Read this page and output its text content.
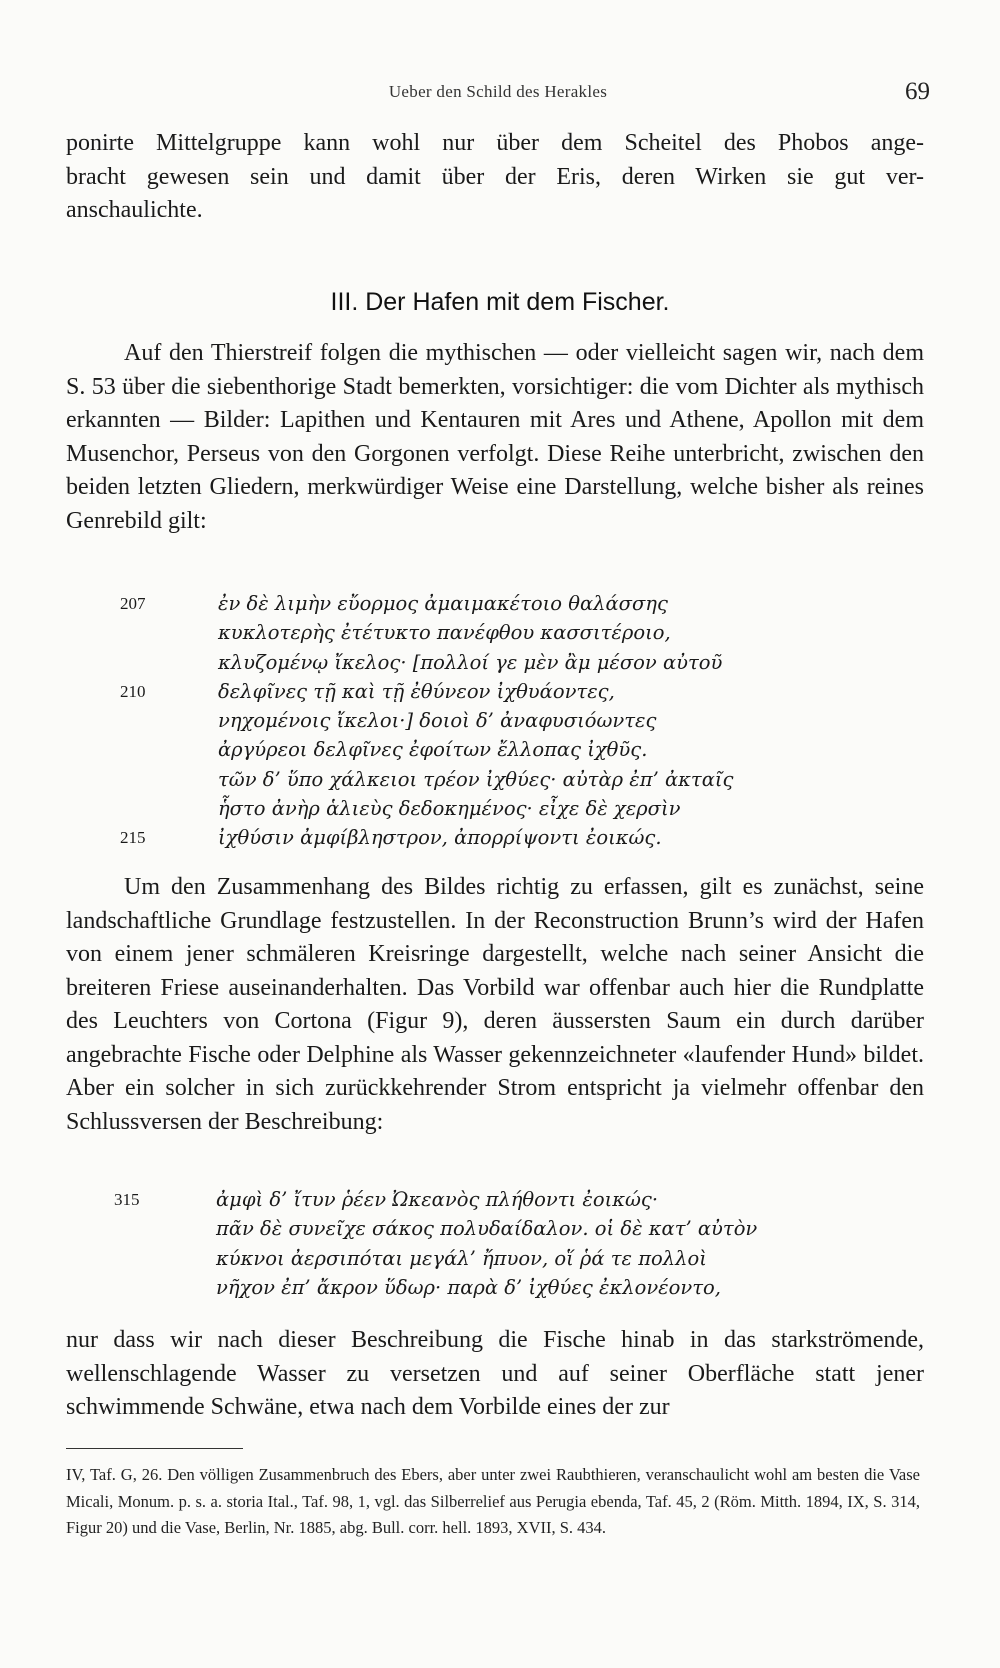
Ueber den Schild des Herakles	69
ponirte Mittelgruppe kann wohl nur über dem Scheitel des Phobos ange-
bracht gewesen sein und damit über der Eris, deren Wirken sie gut ver-
anschaulichte.
III. Der Hafen mit dem Fischer.

Auf den Thierstreif folgen die mythischen — oder vielleicht sagen wir, nach dem S. 53 über die siebenthorige Stadt bemerkten, vorsichtiger: die vom Dichter als mythisch erkannten — Bilder: Lapithen und Kentauren mit Ares und Athene, Apollon mit dem Musenchor, Perseus von den Gorgonen verfolgt. Diese Reihe unterbricht, zwischen den beiden letzten Gliedern, merkwürdiger Weise eine Darstellung, welche bisher als reines Genrebild gilt:

207	ἐν δὲ λιμὴν εὔορμος ἀμαιμακέτοιο θαλάσσης
κυκλοτερὴς ἐτέτυκτο πανέφθου κασσιτέροιο,
κλυζομένῳ ἴκελος· [πολλοί γε μὲν ἂμ μέσον αὐτοῦ
210	δελφῖνες τῇ καὶ τῇ ἐθύνεον ἰχθυάοντες,
νηχομένοις ἴκελοι·] δοιοὶ δ’ ἀναφυσιόωντες
ἀργύρεοι δελφῖνες ἐφοίτων ἔλλοπας ἰχθῦς.
τῶν δ’ ὕπο χάλκειοι τρέον ἰχθύες· αὐτὰρ ἐπ’ ἀκταῖς
ἧστο ἀνὴρ ἁλιεὺς δεδοκημένος· εἶχε δὲ χερσὶν
215	ἰχθύσιν ἀμφίβληστρον, ἀπορρίψοντι ἐοικώς.

Um den Zusammenhang des Bildes richtig zu erfassen, gilt es zunächst, seine landschaftliche Grundlage festzustellen. In der Reconstruction Brunn’s wird der Hafen von einem jener schmäleren Kreisringe dargestellt, welche nach seiner Ansicht die breiteren Friese auseinanderhalten. Das Vorbild war offenbar auch hier die Rundplatte des Leuchters von Cortona (Figur 9), deren äussersten Saum ein durch darüber angebrachte Fische oder Delphine als Wasser gekennzeichneter «laufender Hund» bildet. Aber ein solcher in sich zurückkehrender Strom entspricht ja vielmehr offenbar den Schlussversen der Beschreibung:

315	ἀμφὶ δ’ ἴτυν ῥέεν Ὠκεανὸς πλήθοντι ἐοικώς·
πᾶν δὲ συνεῖχε σάκος πολυδαίδαλον. οἱ δὲ κατ’ αὐτὸν
κύκνοι ἀερσιπόται μεγάλ’ ἤπυον, οἵ ῥά τε πολλοὶ
νῆχον ἐπ’ ἄκρον ὕδωρ· παρὰ δ’ ἰχθύες ἐκλονέοντο,

nur dass wir nach dieser Beschreibung die Fische hinab in das starkströmende, wellenschlagende Wasser zu versetzen und auf seiner Oberfläche statt jener schwimmende Schwäne, etwa nach dem Vorbilde eines der zur

IV, Taf. G, 26. Den völligen Zusammenbruch des Ebers, aber unter zwei Raubthieren, veranschaulicht wohl am besten die Vase Micali, Monum. p. s. a. storia Ital., Taf. 98, 1, vgl. das Silberrelief aus Perugia ebenda, Taf. 45, 2 (Röm. Mitth. 1894, IX, S. 314, Figur 20) und die Vase, Berlin, Nr. 1885, abg. Bull. corr. hell. 1893, XVII, S. 434.
